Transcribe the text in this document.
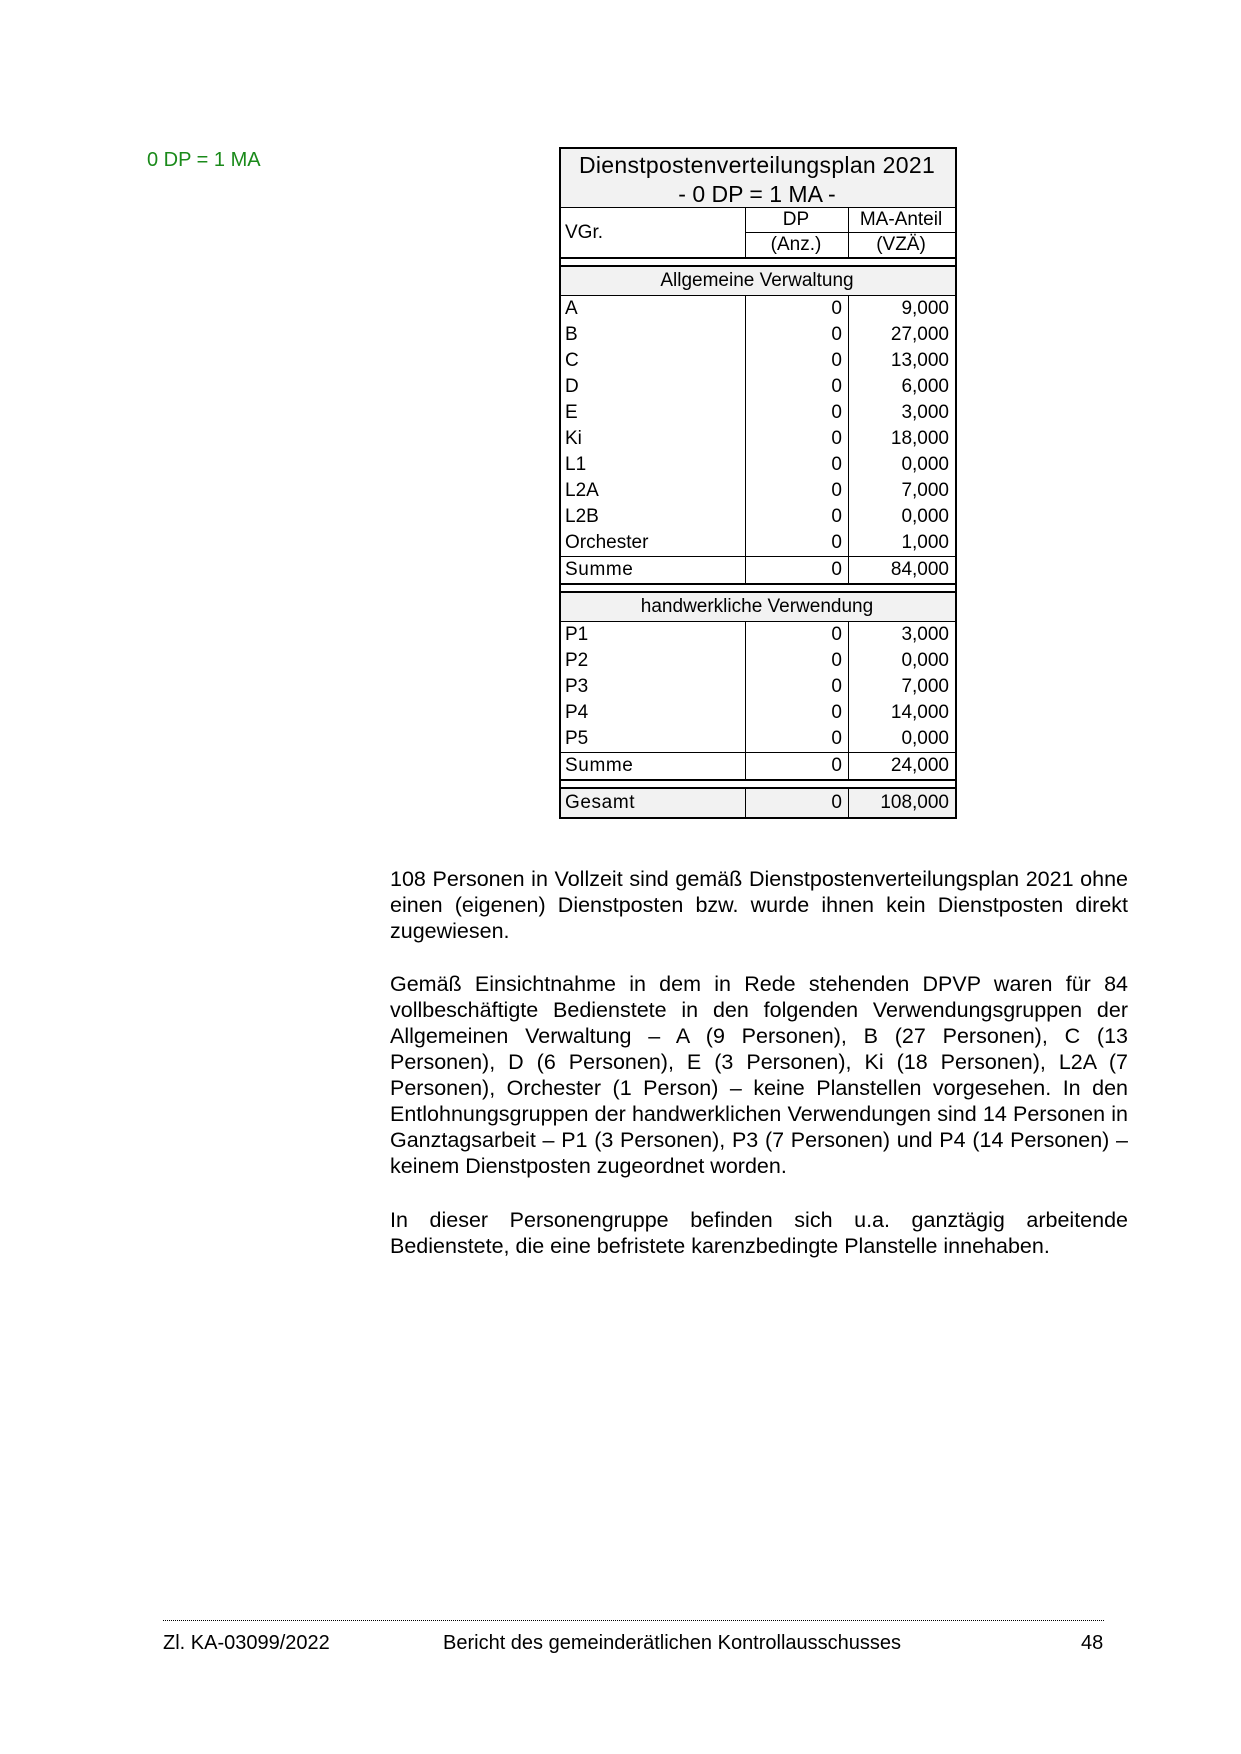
0 DP = 1 MA	Dienstpostenverteilungsplan 2021		
- 0 DP = 1 MA -		
VGr.	DP	MA-Anteil
	(Anz.)	(VZÄ)

Allgemeine Verwaltung		
A	0	9,000
B	0	27,000
C	0	13,000
D	0	6,000
E	0	3,000
Ki	0	18,000
L1	0	0,000
L2A	0	7,000
L2B	0	0,000
Orchester	0	1,000
Summe	0	84,000

handwerkliche Verwendung		
P1	0	3,000
P2	0	0,000
P3	0	7,000
P4	0	14,000
P5	0	0,000
Summe	0	24,000

Gesamt	0	108,000

108 Personen in Vollzeit sind gemäß Dienstpostenverteilungsplan 2021 ohne einen (eigenen) Dienstposten bzw. wurde ihnen kein Dienstposten direkt zugewiesen.

Gemäß Einsichtnahme in dem in Rede stehenden DPVP waren für 84 vollbeschäftigte Bedienstete in den folgenden Verwendungsgruppen der Allgemeinen Verwaltung – A (9 Personen), B (27 Personen), C (13 Personen), D (6 Personen), E (3 Personen), Ki (18 Personen), L2A (7 Personen), Orchester (1 Person) – keine Planstellen vorgesehen. In den Entlohnungsgruppen der handwerklichen Verwendungen sind 14 Personen in Ganztagsarbeit – P1 (3 Personen), P3 (7 Personen) und P4 (14 Personen) – keinem Dienstposten zugeordnet worden.

In dieser Personengruppe befinden sich u.a. ganztägig arbeitende Bedienstete, die eine befristete karenzbedingte Planstelle innehaben.

Zl. KA-03099/2022	Bericht des gemeinderätlichen Kontrollausschusses	48
